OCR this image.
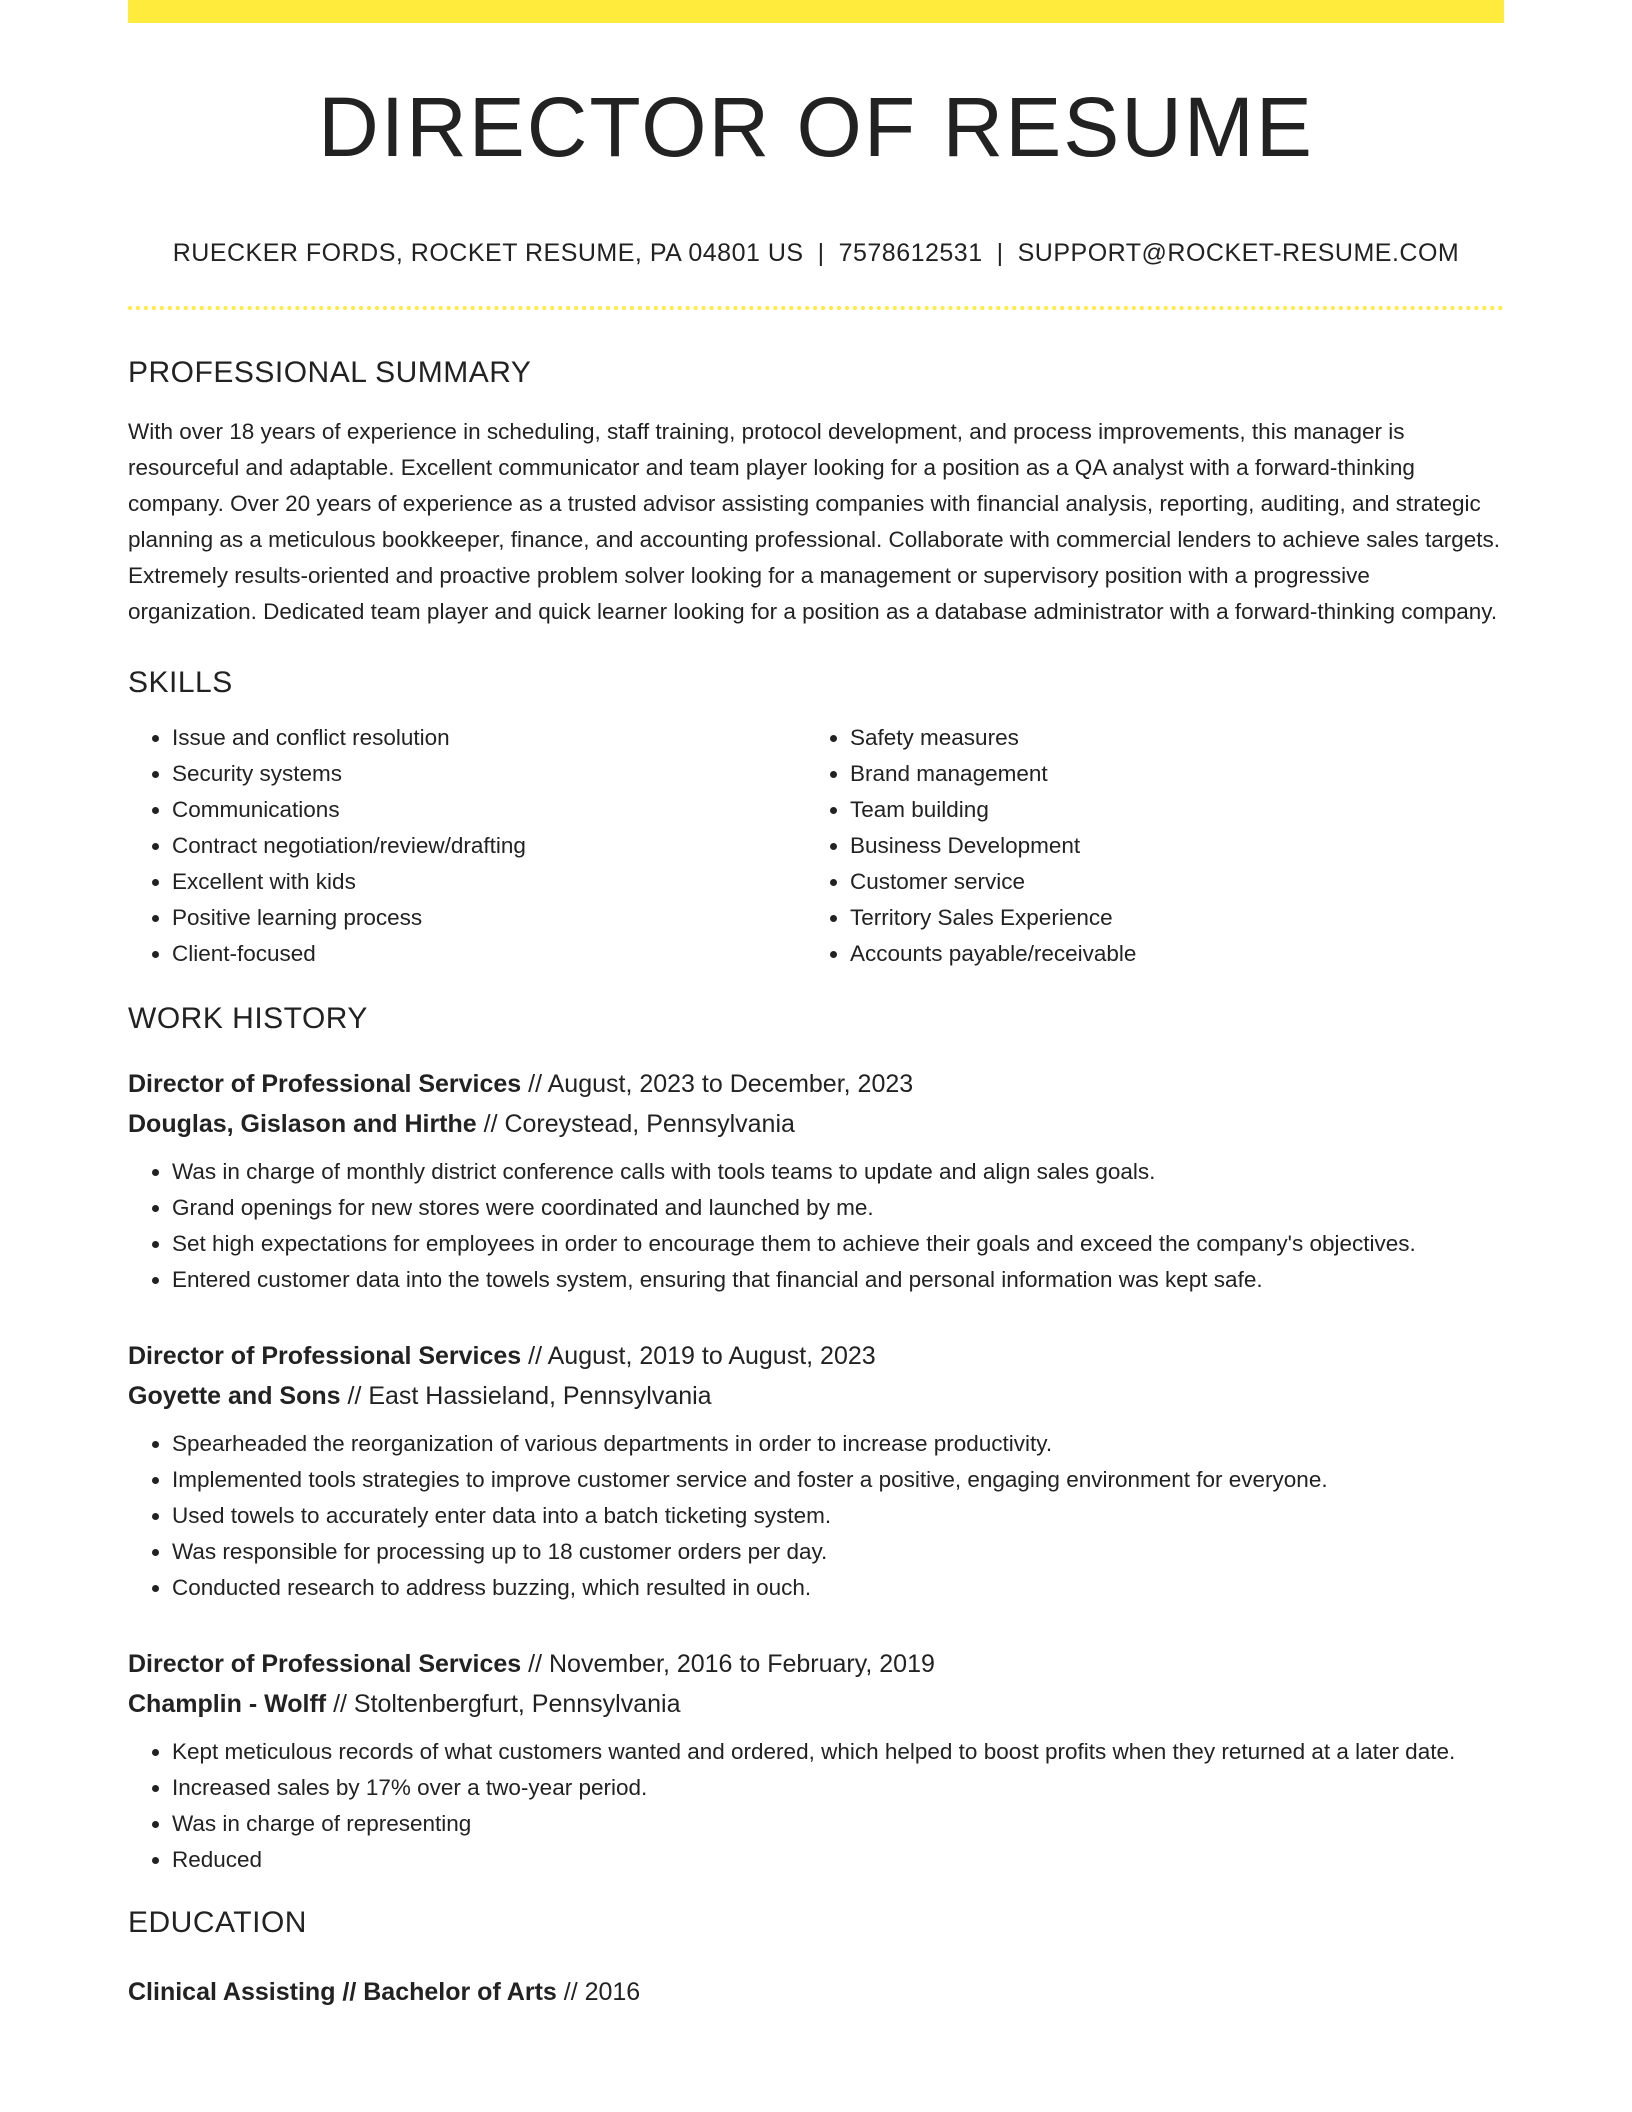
DIRECTOR OF RESUME
RUECKER FORDS, ROCKET RESUME, PA 04801 US | 7578612531 | SUPPORT@ROCKET-RESUME.COM
PROFESSIONAL SUMMARY

With over 18 years of experience in scheduling, staff training, protocol development, and process improvements, this manager is resourceful and adaptable. Excellent communicator and team player looking for a position as a QA analyst with a forward-thinking company. Over 20 years of experience as a trusted advisor assisting companies with financial analysis, reporting, auditing, and strategic planning as a meticulous bookkeeper, finance, and accounting professional. Collaborate with commercial lenders to achieve sales targets. Extremely results-oriented and proactive problem solver looking for a management or supervisory position with a progressive organization. Dedicated team player and quick learner looking for a position as a database administrator with a forward-thinking company.

SKILLS
• Issue and conflict resolution
• Security systems
• Communications
• Contract negotiation/review/drafting
• Excellent with kids
• Positive learning process
• Client-focused
• Safety measures
• Brand management
• Team building
• Business Development
• Customer service
• Territory Sales Experience
• Accounts payable/receivable
WORK HISTORY
Director of Professional Services // August, 2023 to December, 2023
Douglas, Gislason and Hirthe // Coreystead, Pennsylvania
• Was in charge of monthly district conference calls with tools teams to update and align sales goals.
• Grand openings for new stores were coordinated and launched by me.
• Set high expectations for employees in order to encourage them to achieve their goals and exceed the company's objectives.
• Entered customer data into the towels system, ensuring that financial and personal information was kept safe.
Director of Professional Services // August, 2019 to August, 2023
Goyette and Sons // East Hassieland, Pennsylvania
• Spearheaded the reorganization of various departments in order to increase productivity.
• Implemented tools strategies to improve customer service and foster a positive, engaging environment for everyone.
• Used towels to accurately enter data into a batch ticketing system.
• Was responsible for processing up to 18 customer orders per day.
• Conducted research to address buzzing, which resulted in ouch.
Director of Professional Services // November, 2016 to February, 2019
Champlin - Wolff // Stoltenbergfurt, Pennsylvania
• Kept meticulous records of what customers wanted and ordered, which helped to boost profits when they returned at a later date.
• Increased sales by 17% over a two-year period.
• Was in charge of representing
• Reduced
EDUCATION
Clinical Assisting // Bachelor of Arts // 2016
